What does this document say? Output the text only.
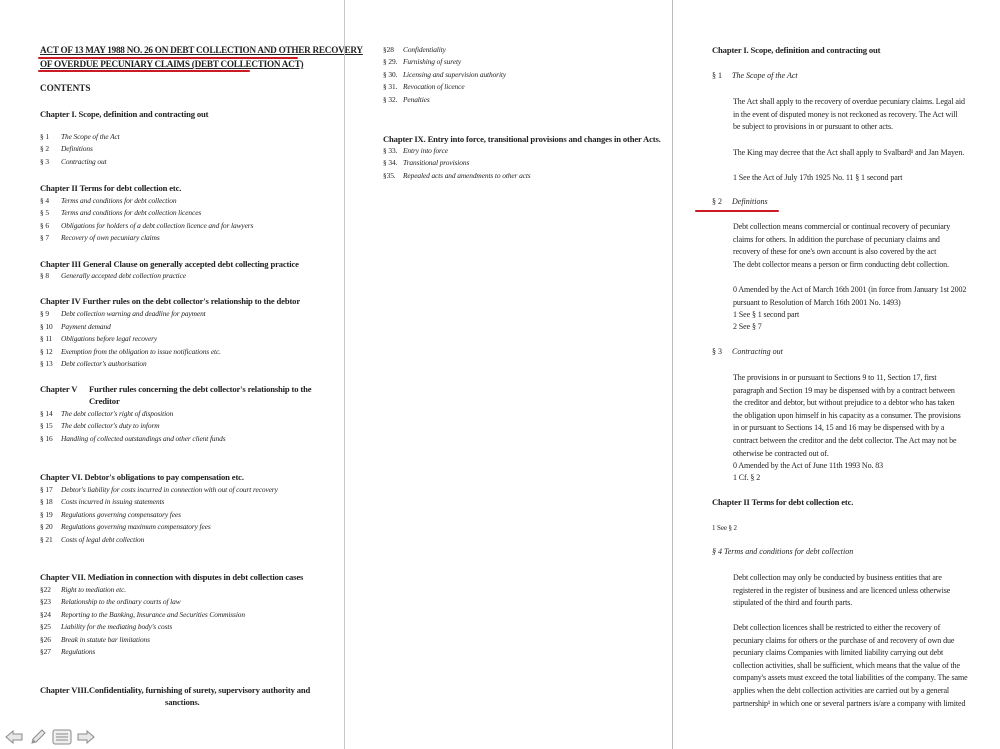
ACT OF 13 MAY 1988 NO. 26 ON DEBT COLLECTION AND OTHER RECOVERY
OF OVERDUE PECUNIARY CLAIMS (DEBT COLLECTION ACT)
CONTENTS
Chapter I. Scope, definition and contracting out
§ 1 The Scope of the Act
§ 2 Definitions
§ 3 Contracting out
Chapter II Terms for debt collection etc.
§ 4 Terms and conditions for debt collection
§ 5 Terms and conditions for debt collection licences
§ 6 Obligations for holders of a debt collection licence and for lawyers
§ 7 Recovery of own pecuniary claims
Chapter III General Clause on generally accepted debt collecting practice
§ 8 Generally accepted debt collection practice
Chapter IV Further rules on the debt collector's relationship to the debtor
§ 9 Debt collection warning and deadline for payment
§ 10 Payment demand
§ 11 Obligations before legal recovery
§ 12 Exemption from the obligation to issue notifications etc.
§ 13 Debt collector's authorisation
Chapter V Further rules concerning the debt collector's relationship to the
Creditor
§ 14 The debt collector's right of disposition
§ 15 The debt collector's duty to inform
§ 16 Handling of collected outstandings and other client funds
Chapter VI. Debtor's obligations to pay compensation etc.
§ 17 Debtor's liability for costs incurred in connection with out of court recovery
§ 18 Costs incurred in issuing statements
§ 19 Regulations governing compensatory fees
§ 20 Regulations governing maximum compensatory fees
§ 21 Costs of legal debt collection
Chapter VII. Mediation in connection with disputes in debt collection cases
§22 Right to mediation etc.
§23 Relationship to the ordinary courts of law
§24 Reporting to the Banking, Insurance and Securities Commission
§25 Liability for the mediating body's costs
§26 Break in statute bar limitations
§27 Regulations
Chapter VIII.Confidentiality, furnishing of surety, supervisory authority and
sanctions.
§28 Confidentiality
§ 29. Furnishing of surety
§ 30. Licensing and supervision authority
§ 31. Revocation of licence
§ 32. Penalties
Chapter IX. Entry into force, transitional provisions and changes in other Acts.
§ 33. Entry into force
§ 34. Transitional provisions
§35. Repealed acts and amendments to other acts
Chapter I. Scope, definition and contracting out
§ 1 The Scope of the Act
The Act shall apply to the recovery of overdue pecuniary claims. Legal aid in the event of disputed money is not reckoned as recovery. The Act will be subject to provisions in or pursuant to other acts.
The King may decree that the Act shall apply to Svalbard¹ and Jan Mayen.
1 See the Act of July 17th 1925 No. 11 § 1 second part
§ 2 Definitions
Debt collection means commercial or continual recovery of pecuniary claims for others. In addition the purchase of pecuniary claims and recovery of these for one's own account is also covered by the act
The debt collector means a person or firm conducting debt collection.
0 Amended by the Act of March 16th 2001 (in force from January 1st 2002 pursuant to Resolution of March 16th 2001 No. 1493)
1 See § 1 second part
2 See § 7
§ 3 Contracting out
The provisions in or pursuant to Sections 9 to 11, Section 17, first paragraph and Section 19 may be dispensed with by a contract between the creditor and debtor, but without prejudice to a debtor who has taken the obligation upon himself in his capacity as a consumer. The provisions in or pursuant to Sections 14, 15 and 16 may be dispensed with by a contract between the creditor and the debt collector. The Act may not be otherwise be contracted out of.
0 Amended by the Act of June 11th 1993 No. 83
1 Cf. § 2
Chapter II Terms for debt collection etc.
1 See § 2
§ 4 Terms and conditions for debt collection
Debt collection may only be conducted by business entities that are registered in the register of business and are licenced unless otherwise stipulated of the third and fourth parts.
Debt collection licences shall be restricted to either the recovery of pecuniary claims for others or the purchase of and recovery of own due pecuniary claims Companies with limited liability carrying out debt collection activities, shall be sufficient, which means that the value of the company's assets must exceed the total liabilities of the company. The same applies when the debt collection activities are carried out by a general partnership¹ in which one or several partners is/are a company with limited
